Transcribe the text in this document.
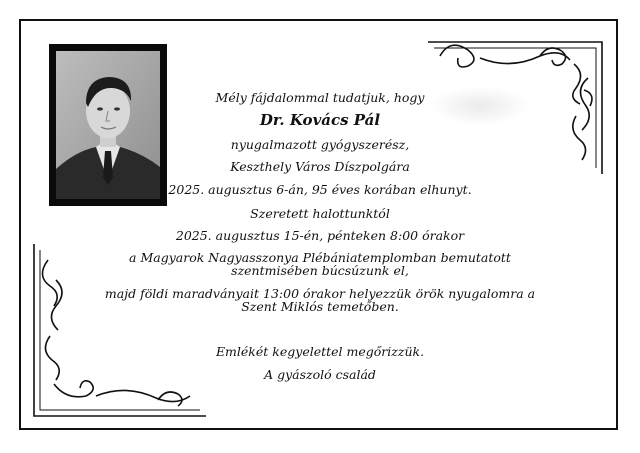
Mély fájdalommal tudatjuk, hogy
Dr. Kovács Pál
nyugalmazott gyógyszerész,
Keszthely Város Díszpolgára
2025. augusztus 6-án, 95 éves korában elhunyt.
Szeretett halottunktól
2025. augusztus 15-én, pénteken 8:00 órakor
a Magyarok Nagyasszonya Plébániatemplomban bemutatott
szentmisében búcsúzunk el,
majd földi maradványait 13:00 órakor helyezzük örök nyugalomra a
Szent Miklós temetőben.
Emlékét kegyelettel megőrizzük.
A gyászoló család
